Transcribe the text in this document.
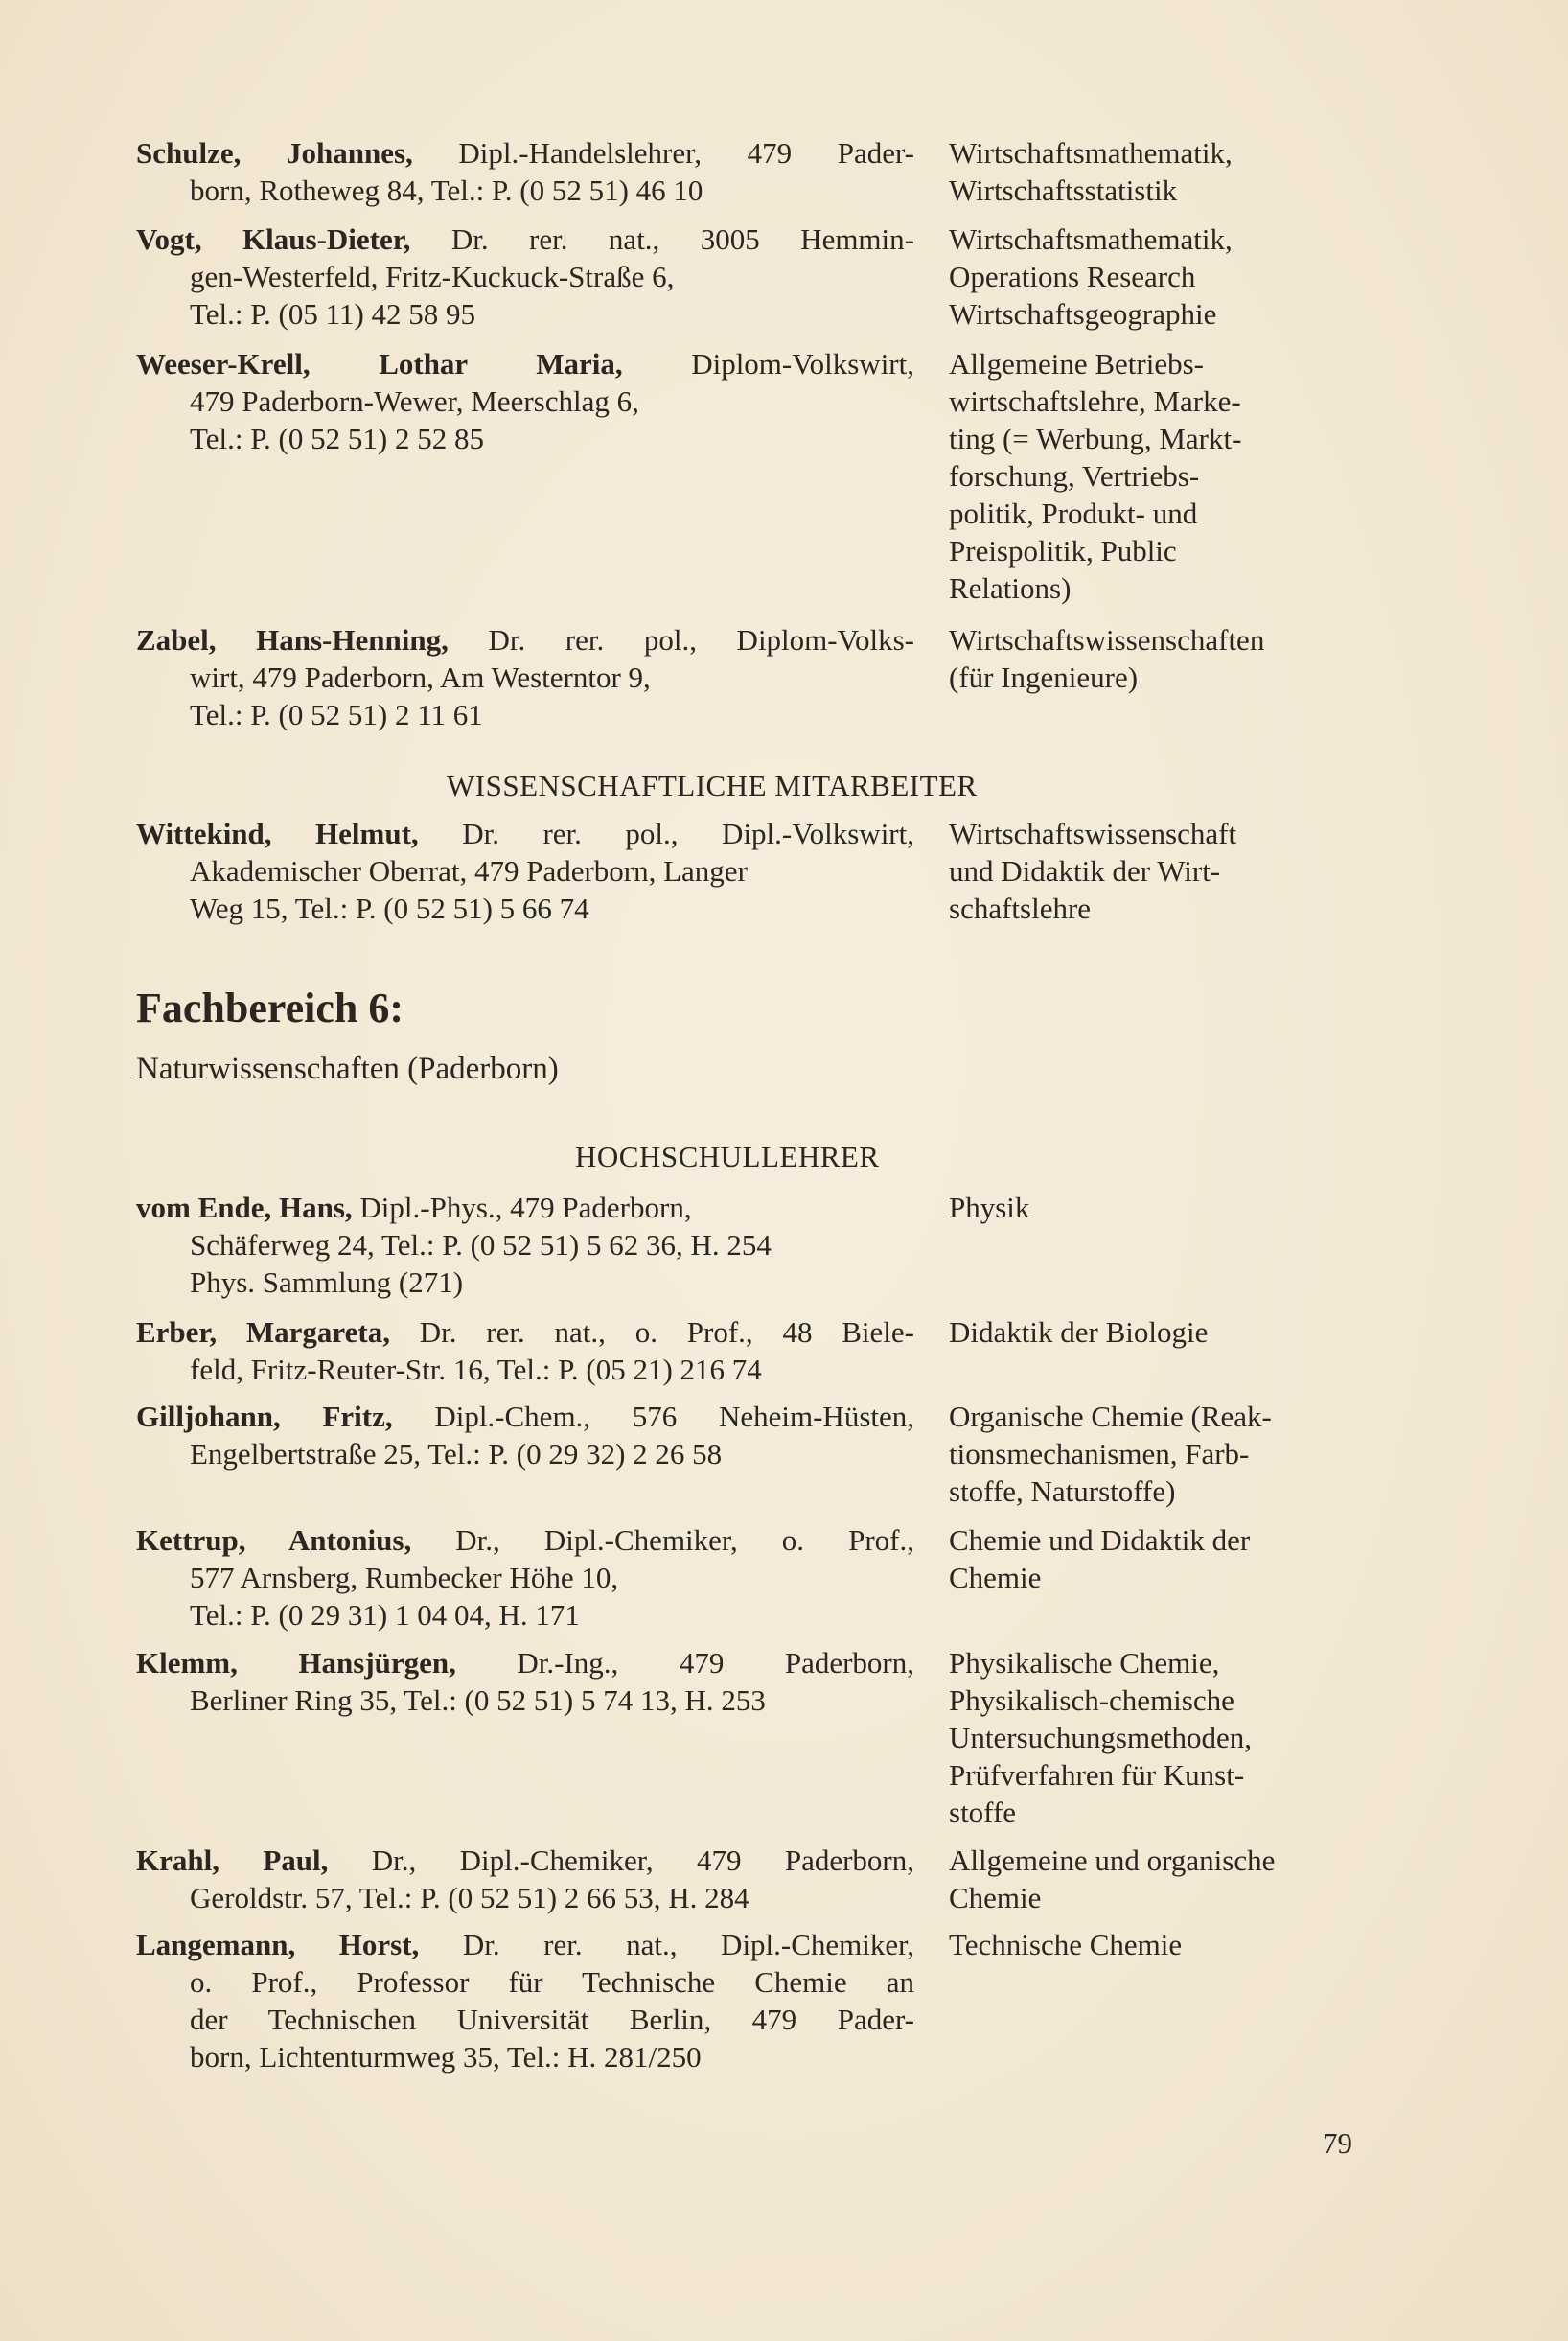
Schulze, Johannes, Dipl.-Handelslehrer, 479 Pader-
born, Rotheweg 84, Tel.: P. (0 52 51) 46 10
Wirtschaftsmathematik,
Wirtschaftsstatistik
Vogt, Klaus-Dieter, Dr. rer. nat., 3005 Hemmin-
gen-Westerfeld, Fritz-Kuckuck-Straße 6,
Tel.: P. (05 11) 42 58 95
Wirtschaftsmathematik,
Operations Research
Wirtschaftsgeographie
Weeser-Krell, Lothar Maria, Diplom-Volkswirt,
479 Paderborn-Wewer, Meerschlag 6,
Tel.: P. (0 52 51) 2 52 85
Allgemeine Betriebs-
wirtschaftslehre, Marke-
ting (= Werbung, Markt-
forschung, Vertriebs-
politik, Produkt- und
Preispolitik, Public
Relations)
Zabel, Hans-Henning, Dr. rer. pol., Diplom-Volks-
wirt, 479 Paderborn, Am Westerntor 9,
Tel.: P. (0 52 51) 2 11 61
Wirtschaftswissenschaften
(für Ingenieure)
WISSENSCHAFTLICHE MITARBEITER
Wittekind, Helmut, Dr. rer. pol., Dipl.-Volkswirt,
Akademischer Oberrat, 479 Paderborn, Langer
Weg 15, Tel.: P. (0 52 51) 5 66 74
Wirtschaftswissenschaft
und Didaktik der Wirt-
schaftslehre
Fachbereich 6:
Naturwissenschaften (Paderborn)
HOCHSCHULLEHRER
vom Ende, Hans, Dipl.-Phys., 479 Paderborn,
Schäferweg 24, Tel.: P. (0 52 51) 5 62 36, H. 254
Phys. Sammlung (271)
Physik
Erber, Margareta, Dr. rer. nat., o. Prof., 48 Biele-
feld, Fritz-Reuter-Str. 16, Tel.: P. (05 21) 216 74
Didaktik der Biologie
Gilljohann, Fritz, Dipl.-Chem., 576 Neheim-Hüsten,
Engelbertstraße 25, Tel.: P. (0 29 32) 2 26 58
Organische Chemie (Reak-
tionsmechanismen, Farb-
stoffe, Naturstoffe)
Kettrup, Antonius, Dr., Dipl.-Chemiker, o. Prof.,
577 Arnsberg, Rumbecker Höhe 10,
Tel.: P. (0 29 31) 1 04 04, H. 171
Chemie und Didaktik der
Chemie
Klemm, Hansjürgen, Dr.-Ing., 479 Paderborn,
Berliner Ring 35, Tel.: (0 52 51) 5 74 13, H. 253
Physikalische Chemie,
Physikalisch-chemische
Untersuchungsmethoden,
Prüfverfahren für Kunst-
stoffe
Krahl, Paul, Dr., Dipl.-Chemiker, 479 Paderborn,
Geroldstr. 57, Tel.: P. (0 52 51) 2 66 53, H. 284
Allgemeine und organische
Chemie
Langemann, Horst, Dr. rer. nat., Dipl.-Chemiker,
o. Prof., Professor für Technische Chemie an
der Technischen Universität Berlin, 479 Pader-
born, Lichtenturmweg 35, Tel.: H. 281/250
Technische Chemie
79
